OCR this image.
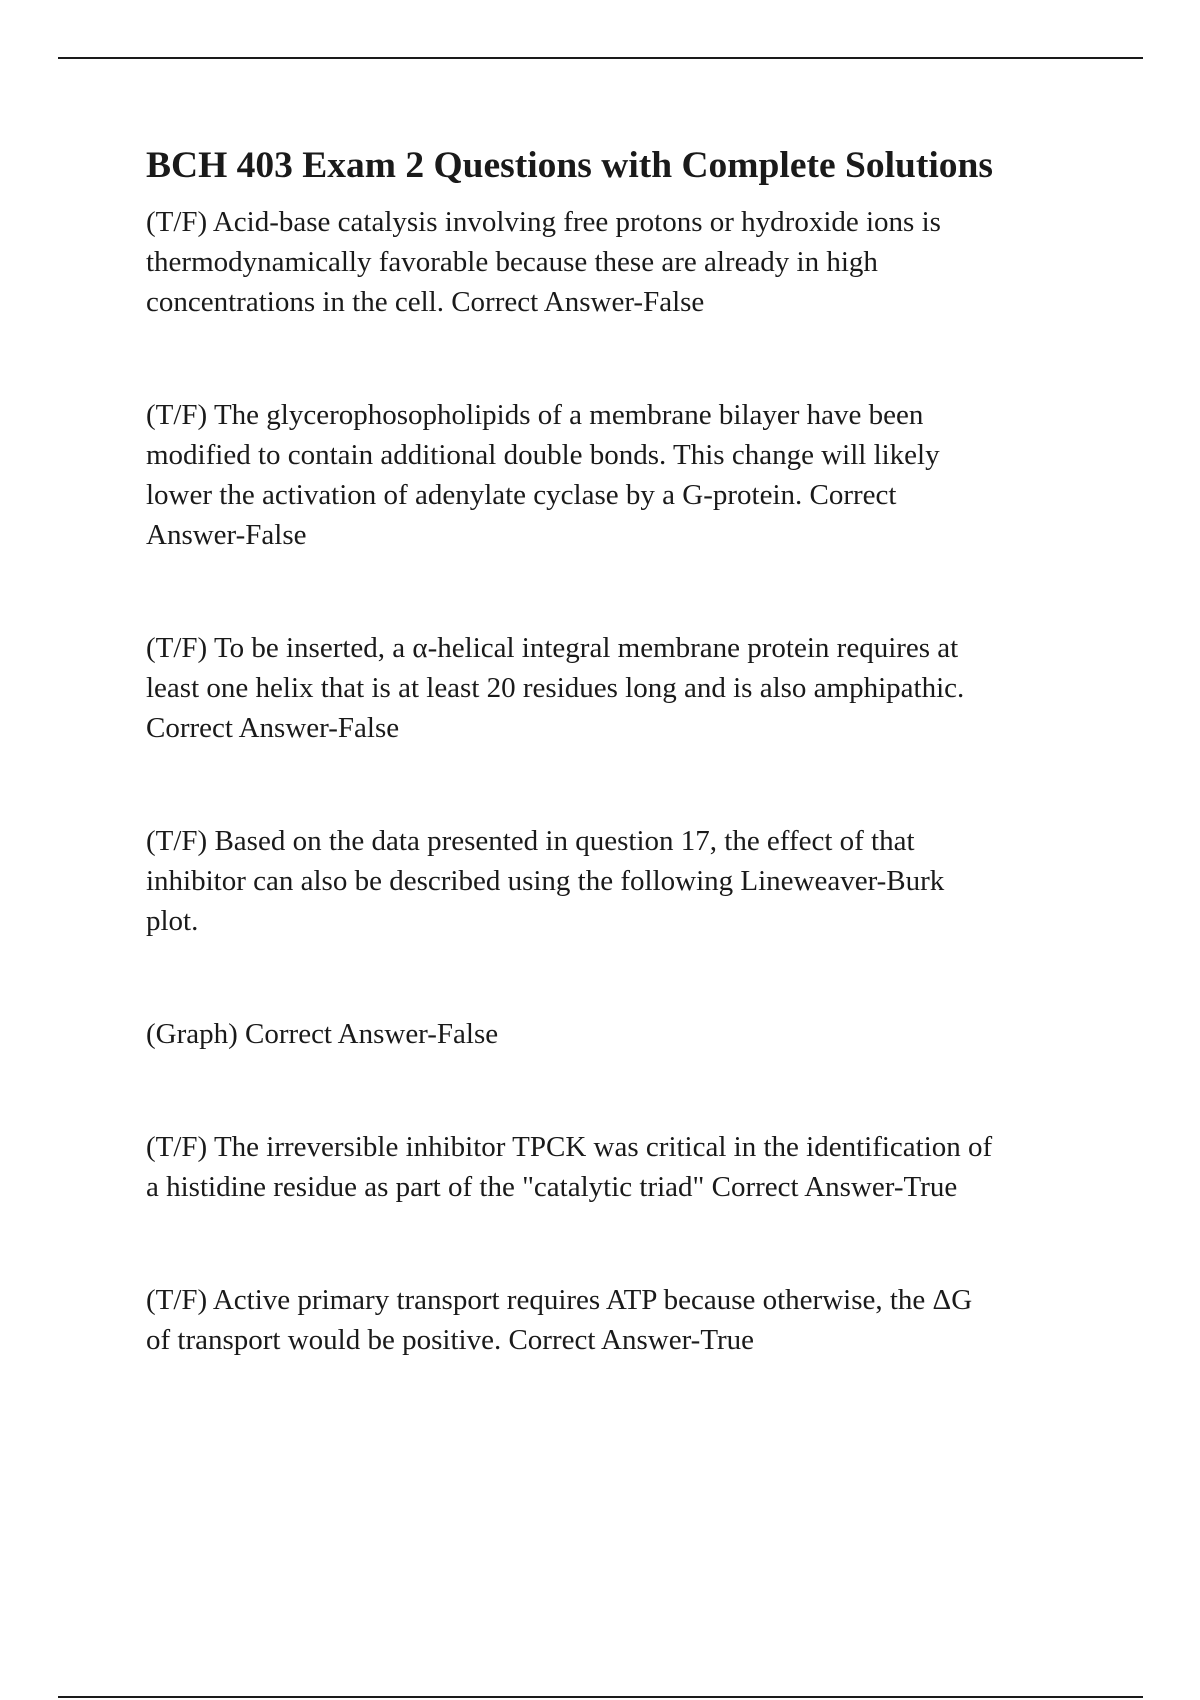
BCH 403 Exam 2 Questions with Complete Solutions

(T/F) Acid-base catalysis involving free protons or hydroxide ions is
thermodynamically favorable because these are already in high
concentrations in the cell. Correct Answer-False

(T/F) The glycerophosopholipids of a membrane bilayer have been
modified to contain additional double bonds. This change will likely
lower the activation of adenylate cyclase by a G-protein. Correct
Answer-False

(T/F) To be inserted, a α-helical integral membrane protein requires at
least one helix that is at least 20 residues long and is also amphipathic.
Correct Answer-False

(T/F) Based on the data presented in question 17, the effect of that
inhibitor can also be described using the following Lineweaver-Burk
plot.

(Graph) Correct Answer-False

(T/F) The irreversible inhibitor TPCK was critical in the identification of
a histidine residue as part of the "catalytic triad" Correct Answer-True

(T/F) Active primary transport requires ATP because otherwise, the ΔG
of transport would be positive. Correct Answer-True
